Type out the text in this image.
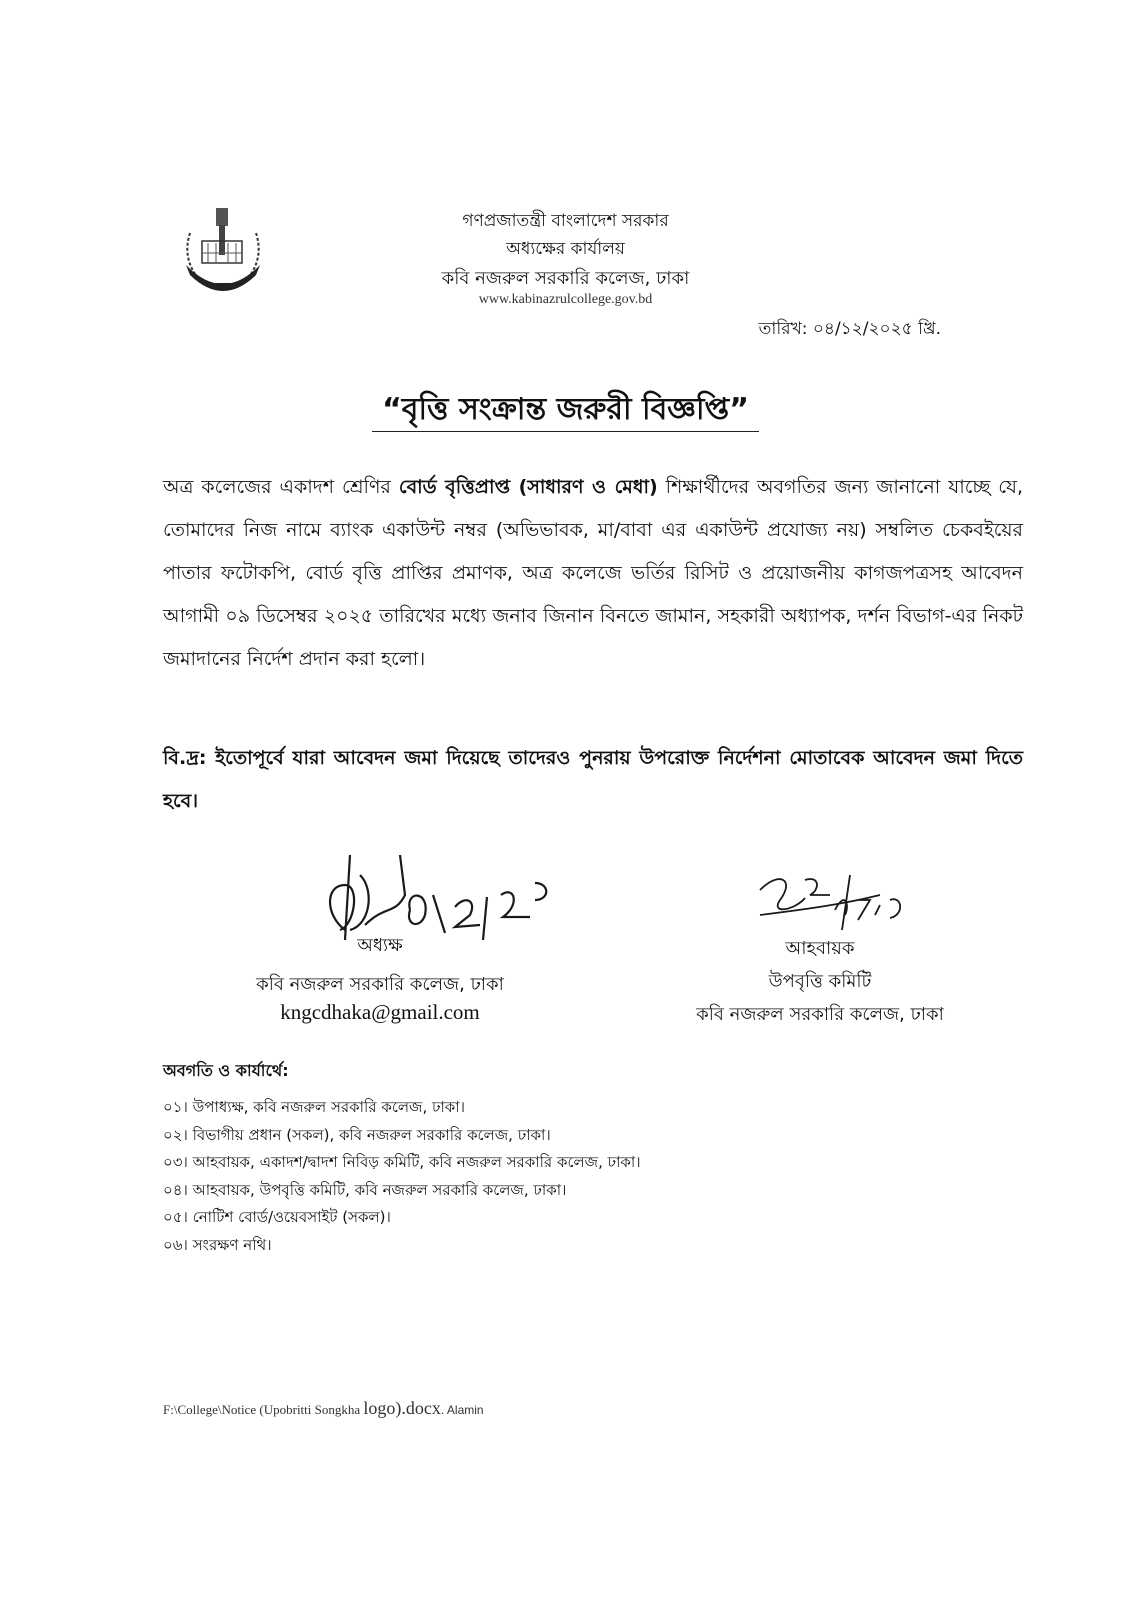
গণপ্রজাতন্ত্রী বাংলাদেশ সরকার
অধ্যক্ষের কার্যালয়
কবি নজরুল সরকারি কলেজ, ঢাকা
www.kabinazrulcollege.gov.bd
তারিখ: ০৪/১২/২০২৫ খ্রি.
“বৃত্তি সংক্রান্ত জরুরী বিজ্ঞপ্তি”
অত্র কলেজের একাদশ শ্রেণির বোর্ড বৃত্তিপ্রাপ্ত (সাধারণ ও মেধা) শিক্ষার্থীদের অবগতির জন্য জানানো যাচ্ছে যে, তোমাদের নিজ নামে ব্যাংক একাউন্ট নম্বর (অভিভাবক, মা/বাবা এর একাউন্ট প্রযোজ্য নয়) সম্বলিত চেকবইয়ের পাতার ফটোকপি, বোর্ড বৃত্তি প্রাপ্তির প্রমাণক, অত্র কলেজে ভর্তির রিসিট ও প্রয়োজনীয় কাগজপত্রসহ আবেদন আগামী ০৯ ডিসেম্বর ২০২৫ তারিখের মধ্যে জনাব জিনান বিনতে জামান, সহকারী অধ্যাপক, দর্শন বিভাগ-এর নিকট জমাদানের নির্দেশ প্রদান করা হলো।
বি.দ্র: ইতোপূর্বে যারা আবেদন জমা দিয়েছে তাদেরও পুনরায় উপরোক্ত নির্দেশনা মোতাবেক আবেদন জমা দিতে হবে।
অধ্যক্ষ
কবি নজরুল সরকারি কলেজ, ঢাকা
kngcdhaka@gmail.com
আহবায়ক
উপবৃত্তি কমিটি
কবি নজরুল সরকারি কলেজ, ঢাকা
অবগতি ও কার্যার্থে:
০১। উপাধ্যক্ষ, কবি নজরুল সরকারি কলেজ, ঢাকা।
০২। বিভাগীয় প্রধান (সকল), কবি নজরুল সরকারি কলেজ, ঢাকা।
০৩। আহবায়ক, একাদশ/দ্বাদশ নিবিড় কমিটি, কবি নজরুল সরকারি কলেজ, ঢাকা।
০৪। আহবায়ক, উপবৃত্তি কমিটি, কবি নজরুল সরকারি কলেজ, ঢাকা।
০৫। নোটিশ বোর্ড/ওয়েবসাইট (সকল)।
০৬। সংরক্ষণ নথি।
F:\College\Notice (Upobritti Songkha logo).docx. Alamin
